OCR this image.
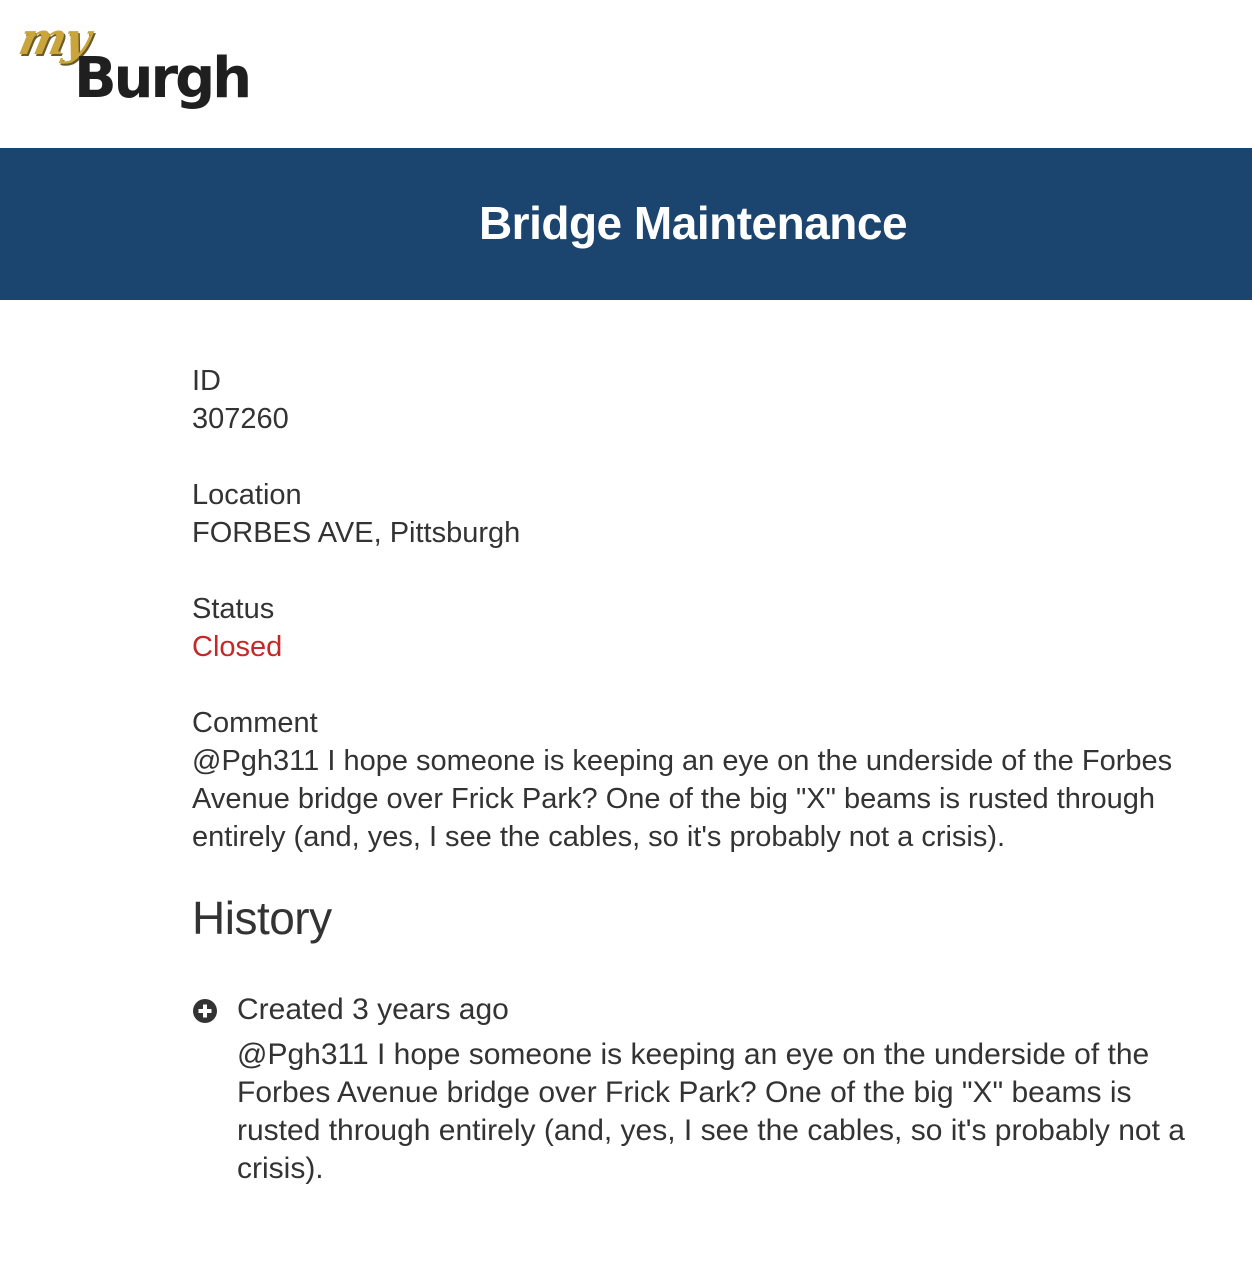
my
Burgh
Bridge Maintenance
ID
307260
Location
FORBES AVE, Pittsburgh
Status
Closed
Comment
@Pgh311 I hope someone is keeping an eye on the underside of the Forbes Avenue bridge over Frick Park? One of the big "X" beams is rusted through entirely (and, yes, I see the cables, so it's probably not a crisis).
History
Created 3 years ago
@Pgh311 I hope someone is keeping an eye on the underside of the Forbes Avenue bridge over Frick Park? One of the big "X" beams is rusted through entirely (and, yes, I see the cables, so it's probably not a crisis).
